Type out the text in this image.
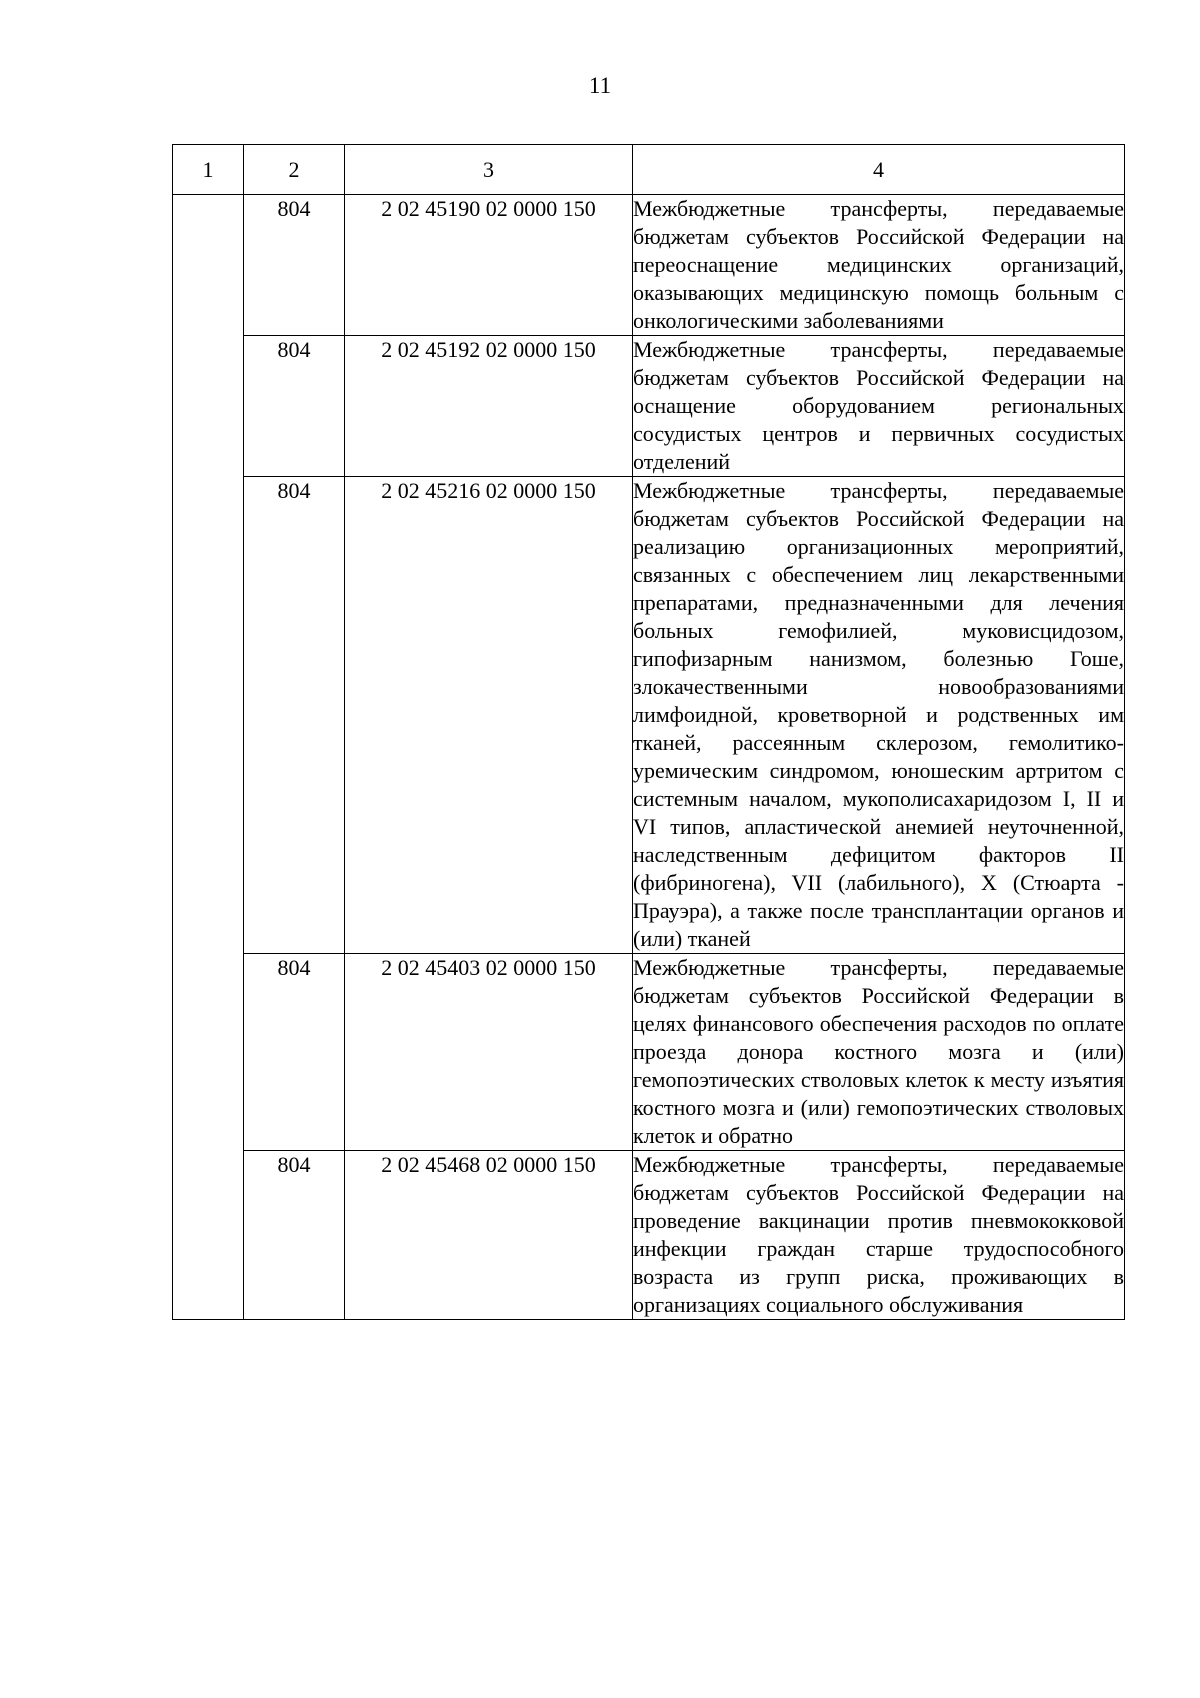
11
1	2	3	4
	804	2 02 45190 02 0000 150	Межбюджетные трансферты, передаваемые бюджетам субъектов Российской Федерации на переоснащение медицинских организаций, оказывающих медицинскую помощь больным с онкологическими заболеваниями
	804	2 02 45192 02 0000 150	Межбюджетные трансферты, передаваемые бюджетам субъектов Российской Федерации на оснащение оборудованием региональных сосудистых центров и первичных сосудистых отделений
	804	2 02 45216 02 0000 150	Межбюджетные трансферты, передаваемые бюджетам субъектов Российской Федерации на реализацию организационных мероприятий, связанных с обеспечением лиц лекарственными препаратами, предназначенными для лечения больных гемофилией, муковисцидозом, гипофизарным нанизмом, болезнью Гоше, злокачественными новообразованиями лимфоидной, кроветворной и родственных им тканей, рассеянным склерозом, гемолитико-уремическим синдромом, юношеским артритом с системным началом, мукополисахаридозом I, II и VI типов, апластической анемией неуточненной, наследственным дефицитом факторов II (фибриногена), VII (лабильного), X (Стюарта - Прауэра), а также после трансплантации органов и (или) тканей
	804	2 02 45403 02 0000 150	Межбюджетные трансферты, передаваемые бюджетам субъектов Российской Федерации в целях финансового обеспечения расходов по оплате проезда донора костного мозга и (или) гемопоэтических стволовых клеток к месту изъятия костного мозга и (или) гемопоэтических стволовых клеток и обратно
	804	2 02 45468 02 0000 150	Межбюджетные трансферты, передаваемые бюджетам субъектов Российской Федерации на проведение вакцинации против пневмококковой инфекции граждан старше трудоспособного возраста из групп риска, проживающих в организациях социального обслуживания
